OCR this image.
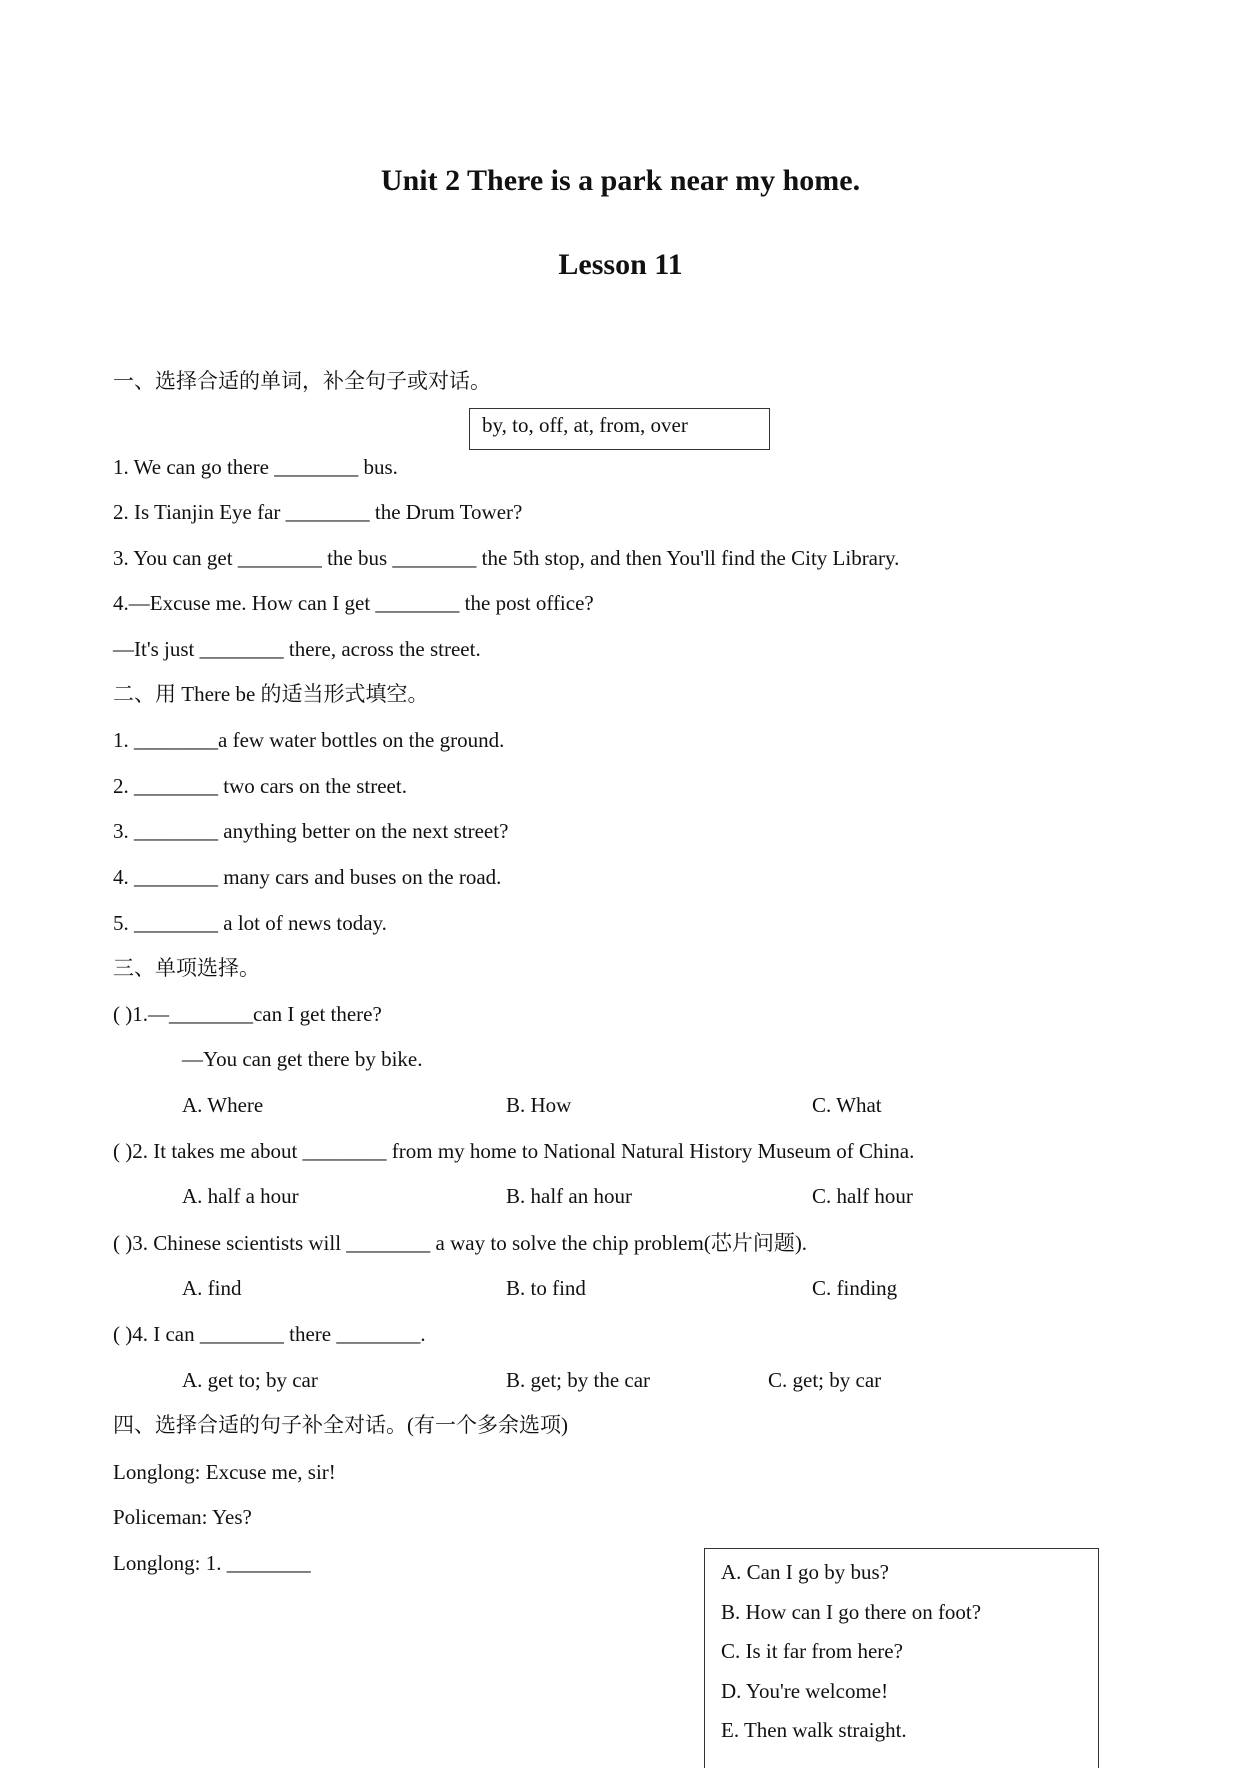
Unit 2 There is a park near my home.
Lesson 11
一、选择合适的单词，补全句子或对话。
by, to, off, at, from, over
1. We can go there ________ bus.
2. Is Tianjin Eye far ________ the Drum Tower?
3. You can get ________ the bus ________ the 5th stop, and then You'll find the City Library.
4.—Excuse me. How can I get ________ the post office?
—It's just ________ there, across the street.
二、用 There be 的适当形式填空。
1. ________a few water bottles on the ground.
2. ________ two cars on the street.
3. ________ anything better on the next street?
4. ________ many cars and buses on the road.
5. ________ a lot of news today.
三、单项选择。
( )1.—________can I get there?
—You can get there by bike.
A. Where	B. How	C. What
( )2. It takes me about ________ from my home to National Natural History Museum of China.
A. half a hour	B. half an hour	C. half hour
( )3. Chinese scientists will ________ a way to solve the chip problem(芯片问题).
A. find	B. to find	C. finding
( )4. I can ________ there ________.
A. get to; by car	B. get; by the car	C. get; by car
四、选择合适的句子补全对话。(有一个多余选项)
Longlong: Excuse me, sir!
Policeman: Yes?
Longlong: 1. ________	A. Can I go by bus?
B. How can I go there on foot?
C. Is it far from here?
D. You're welcome!
E. Then walk straight.
